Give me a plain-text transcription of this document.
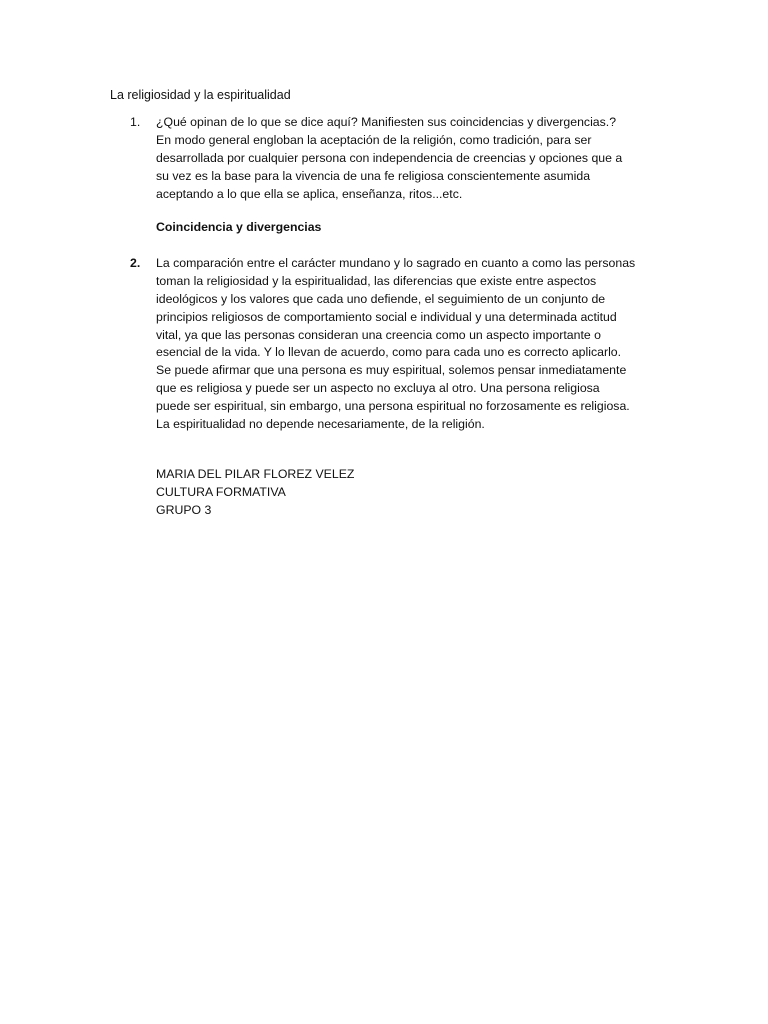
La religiosidad y la espiritualidad
1.	¿Qué opinan de lo que se dice aquí? Manifiesten sus coincidencias y divergencias.?
En modo general engloban la aceptación de la religión, como tradición, para ser
desarrollada por cualquier persona con independencia de creencias y opciones que a
su vez es la base para la vivencia de una fe religiosa conscientemente asumida
aceptando a lo que ella se aplica, enseñanza, ritos...etc.
Coincidencia y divergencias
2.	La comparación entre el carácter mundano y lo sagrado en cuanto a como las personas
toman la religiosidad y la espiritualidad, las diferencias que existe entre aspectos
ideológicos y los valores que cada uno defiende, el seguimiento de un conjunto de
principios religiosos de comportamiento social e individual y una determinada actitud
vital, ya que las personas consideran una creencia como un aspecto importante o
esencial de la vida. Y lo llevan de acuerdo, como para cada uno es correcto aplicarlo.
Se puede afirmar que una persona es muy espiritual, solemos pensar inmediatamente
que es religiosa y puede ser un aspecto no excluya al otro. Una persona religiosa
puede ser espiritual, sin embargo, una persona espiritual no forzosamente es religiosa.
La espiritualidad no depende necesariamente, de la religión.
MARIA DEL PILAR FLOREZ VELEZ
CULTURA FORMATIVA
GRUPO 3
